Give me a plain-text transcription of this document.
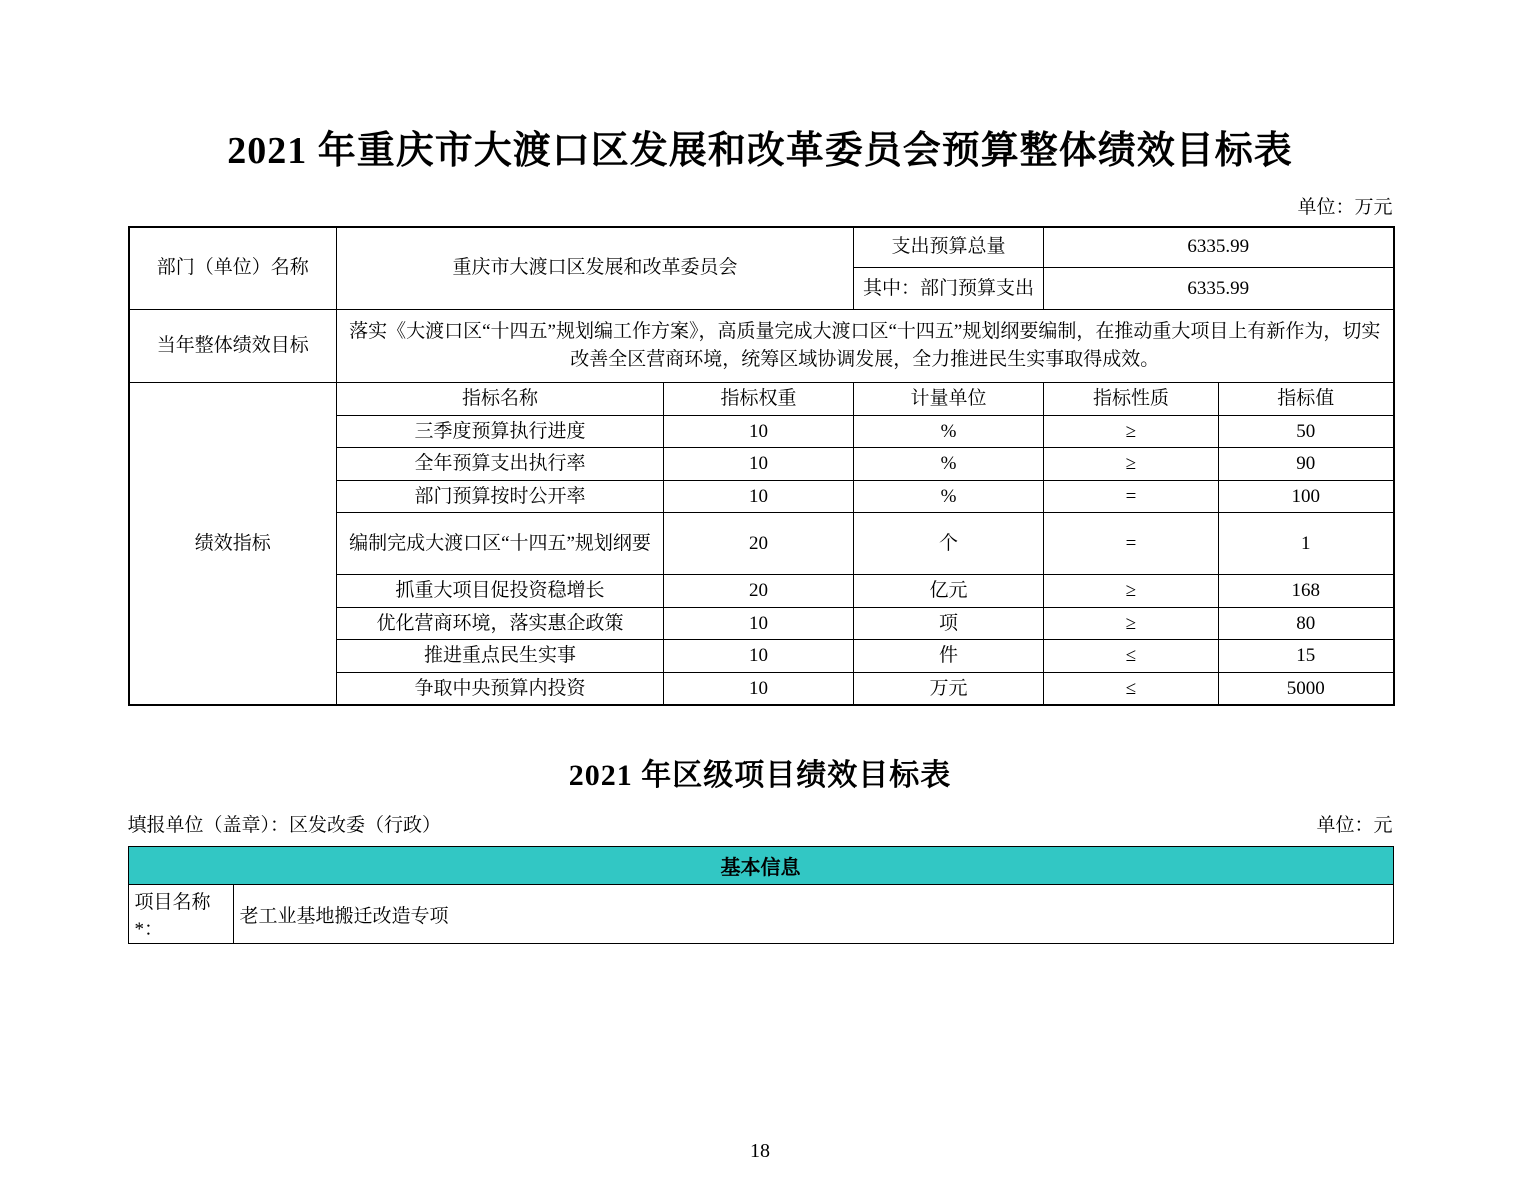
2021 年重庆市大渡口区发展和改革委员会预算整体绩效目标表
单位：万元
部门（单位）名称	重庆市大渡口区发展和改革委员会		支出预算总量	6335.99	
			其中：部门预算支出	6335.99	
当年整体绩效目标	落实《大渡口区“十四五”规划编工作方案》，高质量完成大渡口区“十四五”规划纲要编制，在推动重大项目上有新作为，切实改善全区营商环境，统筹区域协调发展，全力推进民生实事取得成效。				
绩效指标	指标名称	指标权重	计量单位	指标性质	指标值
	三季度预算执行进度	10	%	≥	50
	全年预算支出执行率	10	%	≥	90
	部门预算按时公开率	10	%	=	100
	编制完成大渡口区“十四五”规划纲要	20	个	=	1
	抓重大项目促投资稳增长	20	亿元	≥	168
	优化营商环境，落实惠企政策	10	项	≥	80
	推进重点民生实事	10	件	≤	15
	争取中央预算内投资	10	万元	≤	5000
2021 年区级项目绩效目标表
填报单位（盖章）：区发改委（行政）	单位：元
基本信息
项目名称*：	老工业基地搬迁改造专项
18
